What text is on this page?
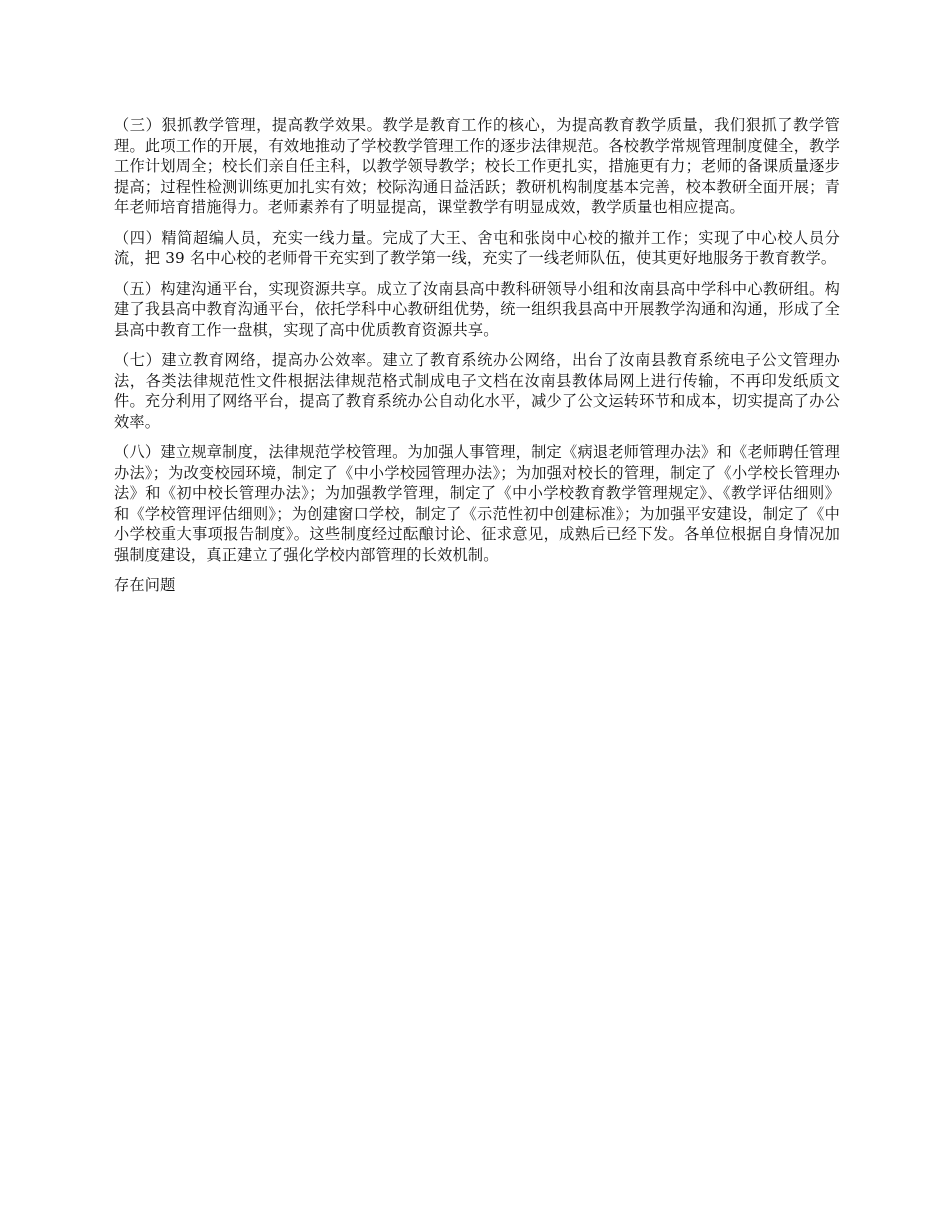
（三）狠抓教学管理，提高教学效果。教学是教育工作的核心，为提高教育教学质量，我们狠抓了教学管理。此项工作的开展，有效地推动了学校教学管理工作的逐步法律规范。各校教学常规管理制度健全，教学工作计划周全；校长们亲自任主科，以教学领导教学；校长工作更扎实，措施更有力；老师的备课质量逐步提高；过程性检测训练更加扎实有效；校际沟通日益活跃；教研机构制度基本完善，校本教研全面开展；青年老师培育措施得力。老师素养有了明显提高，课堂教学有明显成效，教学质量也相应提高。

（四）精简超编人员，充实一线力量。完成了大王、舍屯和张岗中心校的撤并工作；实现了中心校人员分流，把 39 名中心校的老师骨干充实到了教学第一线，充实了一线老师队伍，使其更好地服务于教育教学。

（五）构建沟通平台，实现资源共享。成立了汝南县高中教科研领导小组和汝南县高中学科中心教研组。构建了我县高中教育沟通平台，依托学科中心教研组优势，统一组织我县高中开展教学沟通和沟通，形成了全县高中教育工作一盘棋，实现了高中优质教育资源共享。

（七）建立教育网络，提高办公效率。建立了教育系统办公网络，出台了汝南县教育系统电子公文管理办法，各类法律规范性文件根据法律规范格式制成电子文档在汝南县教体局网上进行传输，不再印发纸质文件。充分利用了网络平台，提高了教育系统办公自动化水平，减少了公文运转环节和成本，切实提高了办公效率。

（八）建立规章制度，法律规范学校管理。为加强人事管理，制定《病退老师管理办法》和《老师聘任管理办法》；为改变校园环境，制定了《中小学校园管理办法》；为加强对校长的管理，制定了《小学校长管理办法》和《初中校长管理办法》；为加强教学管理，制定了《中小学校教育教学管理规定》、《教学评估细则》和《学校管理评估细则》；为创建窗口学校，制定了《示范性初中创建标准》；为加强平安建设，制定了《中小学校重大事项报告制度》。这些制度经过酝酿讨论、征求意见，成熟后已经下发。各单位根据自身情况加强制度建设，真正建立了强化学校内部管理的长效机制。

存在问题
